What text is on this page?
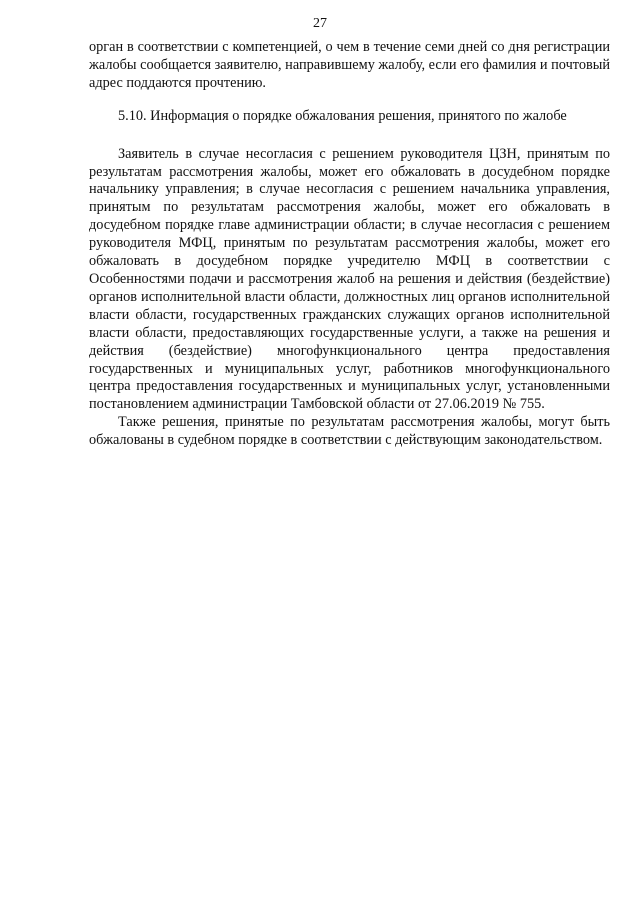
27

орган в соответствии с компетенцией, о чем в течение семи дней со дня регистрации жалобы сообщается заявителю, направившему жалобу, если его фамилия и почтовый адрес поддаются прочтению.

5.10. Информация о порядке обжалования решения, принятого по жалобе

Заявитель в случае несогласия с решением руководителя ЦЗН, принятым по результатам рассмотрения жалобы, может его обжаловать в досудебном порядке начальнику управления; в случае несогласия с решением начальника управления, принятым по результатам рассмотрения жалобы, может его обжаловать в досудебном порядке главе администрации области; в случае несогласия с решением руководителя МФЦ, принятым по результатам рассмотрения жалобы, может его обжаловать в досудебном порядке учредителю МФЦ в соответствии с Особенностями подачи и рассмотрения жалоб на решения и действия (бездействие) органов исполнительной власти области, должностных лиц органов исполнительной власти области, государственных гражданских служащих органов исполнительной власти области, предоставляющих государственные услуги, а также на решения и действия (бездействие) многофункционального центра предоставления государственных и муниципальных услуг, работников многофункционального центра предоставления государственных и муниципальных услуг, установленными постановлением администрации Тамбовской области от 27.06.2019 № 755.

Также решения, принятые по результатам рассмотрения жалобы, могут быть обжалованы в судебном порядке в соответствии с действующим законодательством.
